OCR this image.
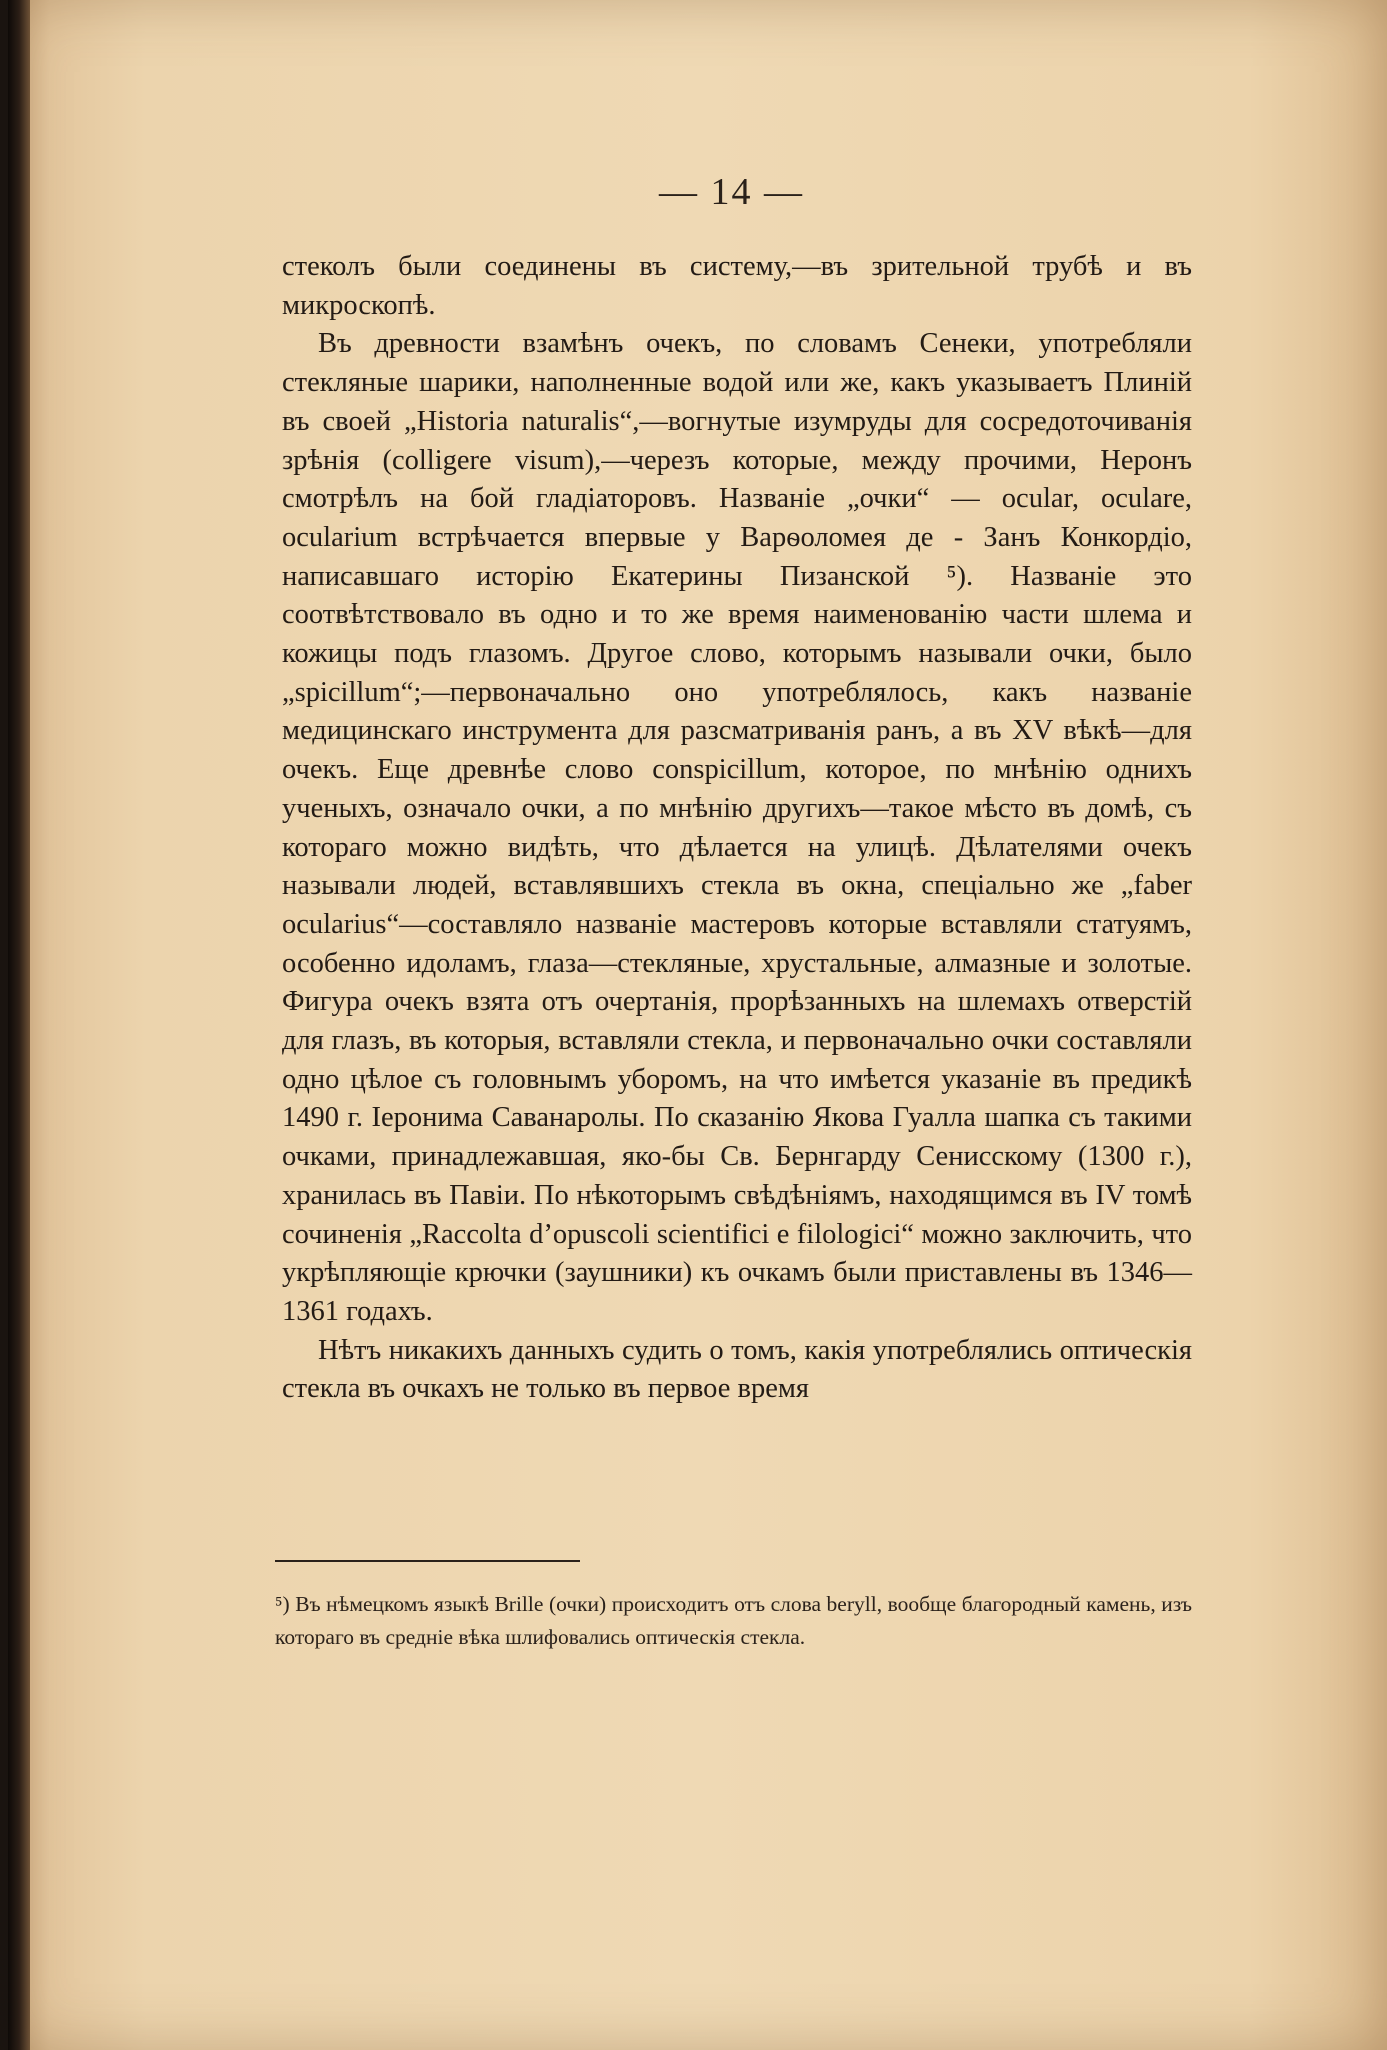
— 14 —

стеколъ были соединены въ систему,—въ зрительной трубѣ и въ микроскопѣ.

Въ древности взамѣнъ очекъ, по словамъ Сенеки, употребляли стекляные шарики, наполненные водой или же, какъ указываетъ Плиній въ своей „Historia naturalis“,—вогнутые изумруды для сосредоточиванія зрѣнія (colligere visum),—черезъ которые, между прочими, Неронъ смотрѣлъ на бой гладіаторовъ. Названіе „очки“ — ocular, oculare, ocularium встрѣчается впервые у Варѳоломея де - Занъ Конкордіо, написавшаго исторію Екатерины Пизанской ⁵). Названіе это соотвѣтствовало въ одно и то же время наименованію части шлема и кожицы подъ глазомъ. Другое слово, которымъ называли очки, было „spicillum“;—первоначально оно употреблялось, какъ названіе медицинскаго инструмента для разсматриванія ранъ, а въ XV вѣкѣ—для очекъ. Еще древнѣе слово conspicillum, которое, по мнѣнію однихъ ученыхъ, означало очки, а по мнѣнію другихъ—такое мѣсто въ домѣ, съ котораго можно видѣть, что дѣлается на улицѣ. Дѣлателями очекъ называли людей, вставлявшихъ стекла въ окна, спеціально же „faber ocularius“—составляло названіе мастеровъ которые вставляли статуямъ, особенно идоламъ, глаза—стекляные, хрустальные, алмазные и золотые. Фигура очекъ взята отъ очертанія, прорѣзанныхъ на шлемахъ отверстій для глазъ, въ которыя, вставляли стекла, и первоначально очки составляли одно цѣлое съ головнымъ уборомъ, на что имѣется указаніе въ предикѣ 1490 г. Іеронима Саванаролы. По сказанію Якова Гуалла шапка съ такими очками, принадлежавшая, яко-бы Св. Бернгарду Сенисскому (1300 г.), хранилась въ Павіи. По нѣкоторымъ свѣдѣніямъ, находящимся въ IV томѣ сочиненія „Raccolta d’opuscoli scientifici e filologici“ можно заключить, что укрѣпляющіе крючки (заушники) къ очкамъ были приставлены въ 1346—1361 годахъ.

Нѣтъ никакихъ данныхъ судить о томъ, какія употреблялись оптическія стекла въ очкахъ не только въ первое время

⁵) Въ нѣмецкомъ языкѣ Brille (очки) происходитъ отъ слова beryll, вообще благородный камень, изъ котораго въ средніе вѣка шлифовались оптическія стекла.
